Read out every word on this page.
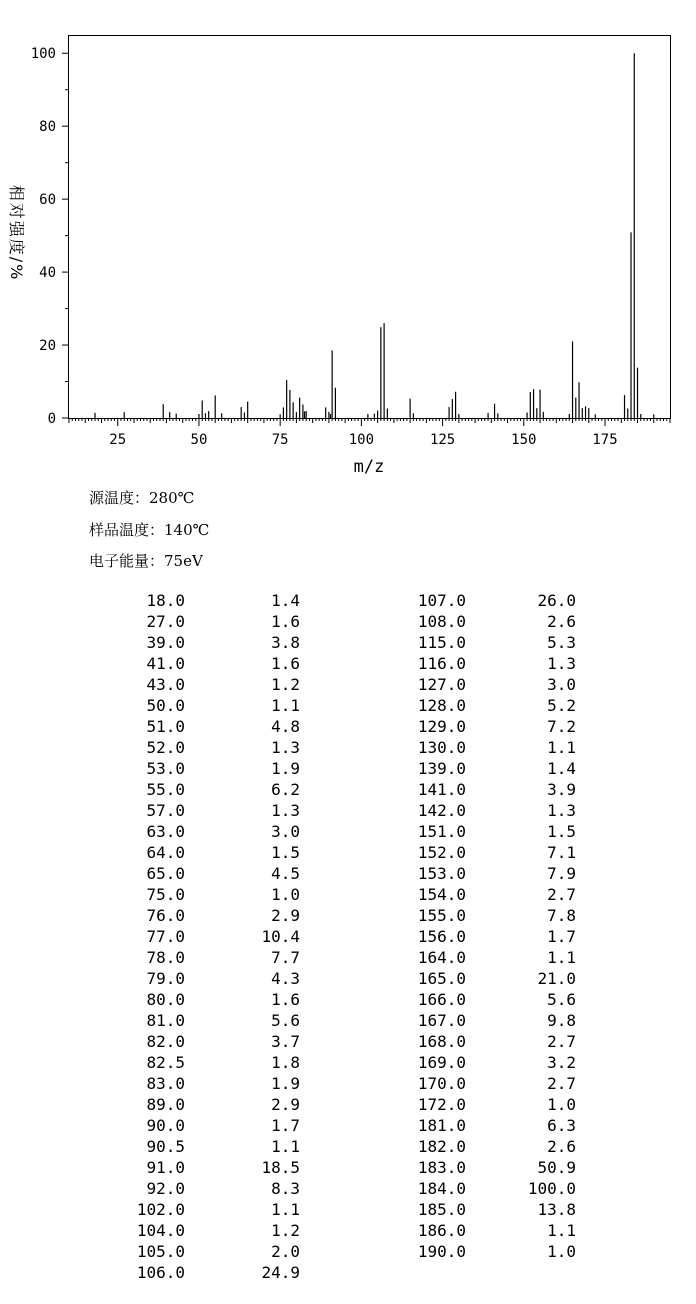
0
20
40
60
80
100
25	50	75	100	125	150	175
m/z
相对强度/%
源温度：280℃
样品温度：140℃
电子能量：75eV
18.0	1.4
27.0	1.6
39.0	3.8
41.0	1.6
43.0	1.2
50.0	1.1
51.0	4.8
52.0	1.3
53.0	1.9
55.0	6.2
57.0	1.3
63.0	3.0
64.0	1.5
65.0	4.5
75.0	1.0
76.0	2.9
77.0	10.4
78.0	7.7
79.0	4.3
80.0	1.6
81.0	5.6
82.0	3.7
82.5	1.8
83.0	1.9
89.0	2.9
90.0	1.7
90.5	1.1
91.0	18.5
92.0	8.3
102.0	1.1
104.0	1.2
105.0	2.0
106.0	24.9
107.0	26.0
108.0	2.6
115.0	5.3
116.0	1.3
127.0	3.0
128.0	5.2
129.0	7.2
130.0	1.1
139.0	1.4
141.0	3.9
142.0	1.3
151.0	1.5
152.0	7.1
153.0	7.9
154.0	2.7
155.0	7.8
156.0	1.7
164.0	1.1
165.0	21.0
166.0	5.6
167.0	9.8
168.0	2.7
169.0	3.2
170.0	2.7
172.0	1.0
181.0	6.3
182.0	2.6
183.0	50.9
184.0	100.0
185.0	13.8
186.0	1.1
190.0	1.0
